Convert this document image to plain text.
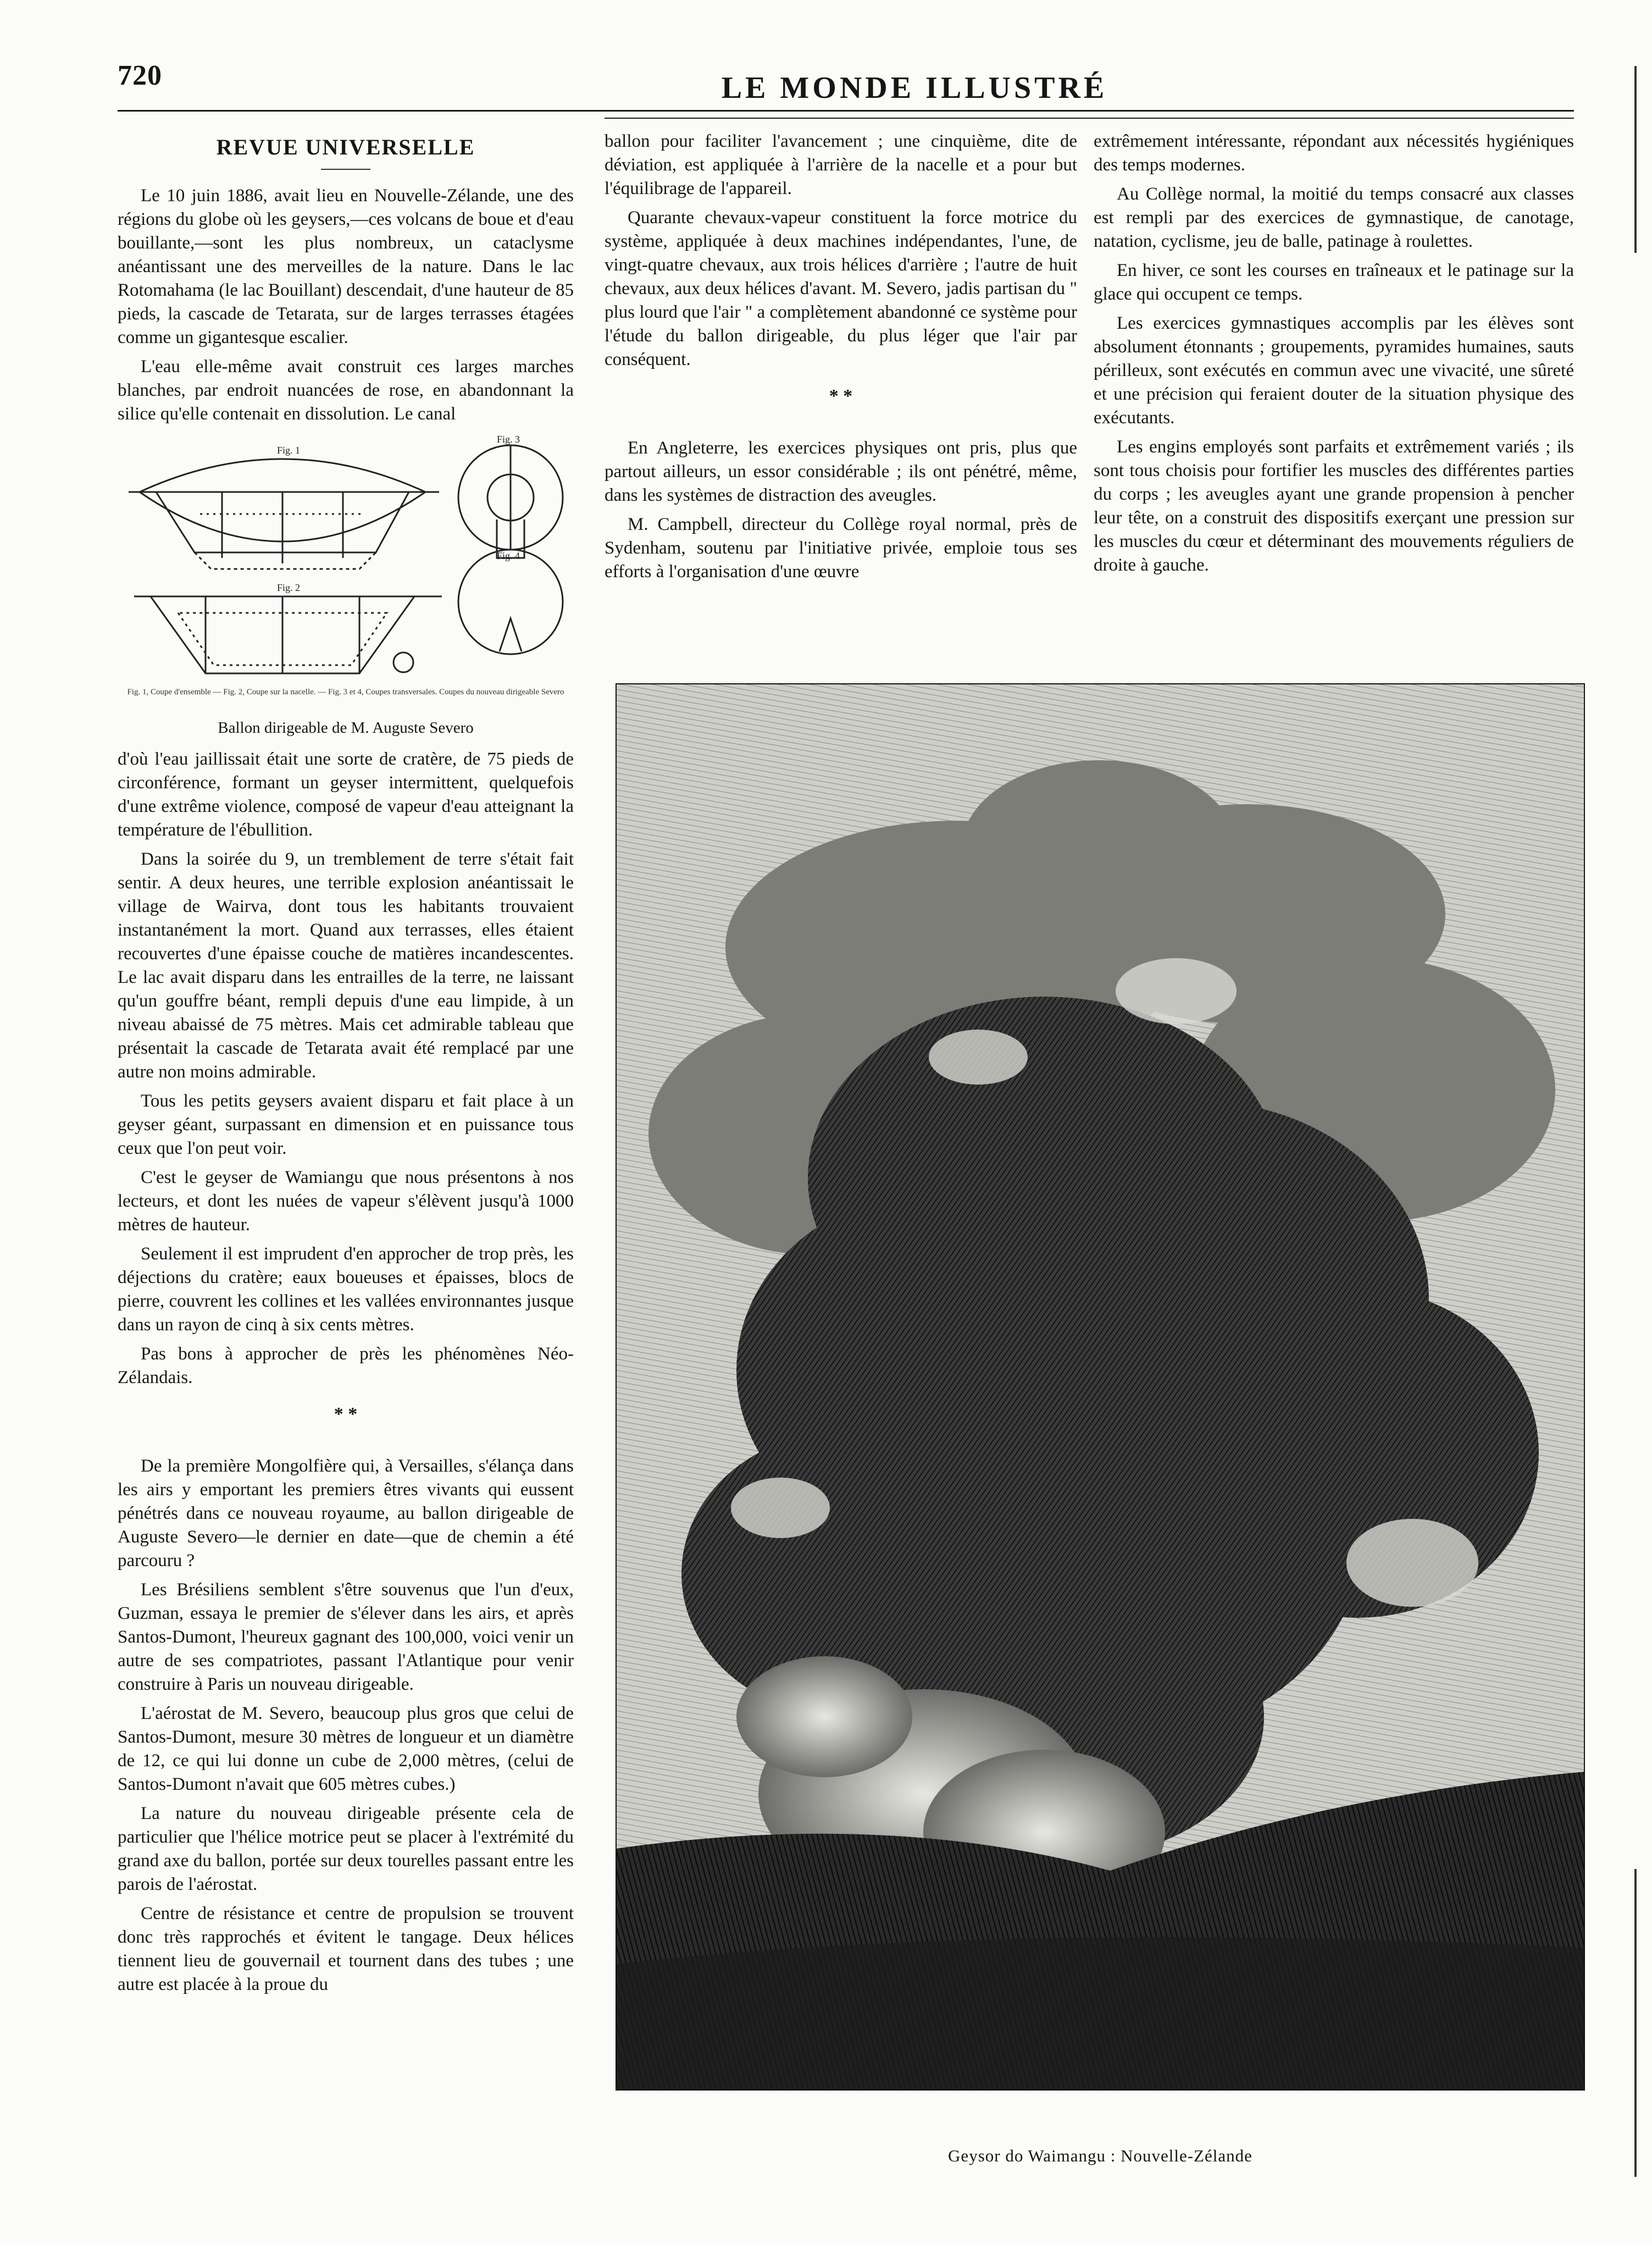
720	LE MONDE ILLUSTRÉ
REVUE UNIVERSELLE

Le 10 juin 1886, avait lieu en Nouvelle-Zélande, une des régions du globe où les geysers,—ces volcans de boue et d'eau bouillante,—sont les plus nombreux, un cataclysme anéantissant une des merveilles de la nature. Dans le lac Rotomahama (le lac Bouillant) descendait, d'une hauteur de 85 pieds, la cascade de Tetarata, sur de larges terrasses étagées comme un gigantesque escalier.

L'eau elle-même avait construit ces larges marches blanches, par endroit nuancées de rose, en abandonnant la silice qu'elle contenait en dissolution. Le canal

Fig. 1
Fig. 2
Fig. 3
Fig. 4
Fig. 1, Coupe d'ensemble — Fig. 2, Coupe sur la nacelle. — Fig. 3 et 4, Coupes transversales. Coupes du nouveau dirigeable Severo
Ballon dirigeable de M. Auguste Severo

d'où l'eau jaillissait était une sorte de cratère, de 75 pieds de circonférence, formant un geyser intermittent, quelquefois d'une extrême violence, composé de vapeur d'eau atteignant la température de l'ébullition.

Dans la soirée du 9, un tremblement de terre s'était fait sentir. A deux heures, une terrible explosion anéantissait le village de Wairva, dont tous les habitants trouvaient instantanément la mort. Quand aux terrasses, elles étaient recouvertes d'une épaisse couche de matières incandescentes. Le lac avait disparu dans les entrailles de la terre, ne laissant qu'un gouffre béant, rempli depuis d'une eau limpide, à un niveau abaissé de 75 mètres. Mais cet admirable tableau que présentait la cascade de Tetarata avait été remplacé par une autre non moins admirable.

Tous les petits geysers avaient disparu et fait place à un geyser géant, surpassant en dimension et en puissance tous ceux que l'on peut voir.

C'est le geyser de Wamiangu que nous présentons à nos lecteurs, et dont les nuées de vapeur s'élèvent jusqu'à 1000 mètres de hauteur.

Seulement il est imprudent d'en approcher de trop près, les déjections du cratère; eaux boueuses et épaisses, blocs de pierre, couvrent les collines et les vallées environnantes jusque dans un rayon de cinq à six cents mètres.

Pas bons à approcher de près les phénomènes Néo-Zélandais.

* *

De la première Mongolfière qui, à Versailles, s'élança dans les airs y emportant les premiers êtres vivants qui eussent pénétrés dans ce nouveau royaume, au ballon dirigeable de Auguste Severo—le dernier en date—que de chemin a été parcouru ?

Les Brésiliens semblent s'être souvenus que l'un d'eux, Guzman, essaya le premier de s'élever dans les airs, et après Santos-Dumont, l'heureux gagnant des 100,000, voici venir un autre de ses compatriotes, passant l'Atlantique pour venir construire à Paris un nouveau dirigeable.

L'aérostat de M. Severo, beaucoup plus gros que celui de Santos-Dumont, mesure 30 mètres de longueur et un diamètre de 12, ce qui lui donne un cube de 2,000 mètres, (celui de Santos-Dumont n'avait que 605 mètres cubes.)

La nature du nouveau dirigeable présente cela de particulier que l'hélice motrice peut se placer à l'extrémité du grand axe du ballon, portée sur deux tourelles passant entre les parois de l'aérostat.

Centre de résistance et centre de propulsion se trouvent donc très rapprochés et évitent le tangage. Deux hélices tiennent lieu de gouvernail et tournent dans des tubes ; une autre est placée à la proue du

ballon pour faciliter l'avancement ; une cinquième, dite de déviation, est appliquée à l'arrière de la nacelle et a pour but l'équilibrage de l'appareil.

Quarante chevaux-vapeur constituent la force motrice du système, appliquée à deux machines indépendantes, l'une, de vingt-quatre chevaux, aux trois hélices d'arrière ; l'autre de huit chevaux, aux deux hélices d'avant. M. Severo, jadis partisan du " plus lourd que l'air " a complètement abandonné ce système pour l'étude du ballon dirigeable, du plus léger que l'air par conséquent.

* *

En Angleterre, les exercices physiques ont pris, plus que partout ailleurs, un essor considérable ; ils ont pénétré, même, dans les systèmes de distraction des aveugles.

M. Campbell, directeur du Collège royal normal, près de Sydenham, soutenu par l'initiative privée, emploie tous ses efforts à l'organisation d'une œuvre

extrêmement intéressante, répondant aux nécessités hygiéniques des temps modernes.

Au Collège normal, la moitié du temps consacré aux classes est rempli par des exercices de gymnastique, de canotage, natation, cyclisme, jeu de balle, patinage à roulettes.

En hiver, ce sont les courses en traîneaux et le patinage sur la glace qui occupent ce temps.

Les exercices gymnastiques accomplis par les élèves sont absolument étonnants ; groupements, pyramides humaines, sauts périlleux, sont exécutés en commun avec une vivacité, une sûreté et une précision qui feraient douter de la situation physique des exécutants.

Les engins employés sont parfaits et extrêmement variés ; ils sont tous choisis pour fortifier les muscles des différentes parties du corps ; les aveugles ayant une grande propension à pencher leur tête, on a construit des dispositifs exerçant une pression sur les muscles du cœur et déterminant des mouvements réguliers de droite à gauche.

Geysor do Waimangu : Nouvelle-Zélande
